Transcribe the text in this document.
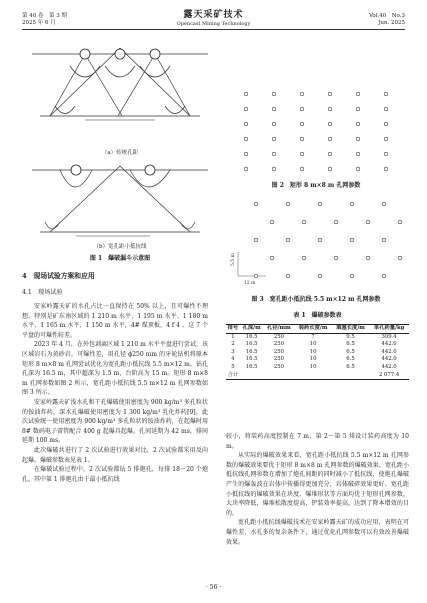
第 40 卷　第 3 期
2025 年 6 月
露天采矿技术
Opencast Mining Technology
Vol.40　No.3
Jun. 2025
（a）传统孔距
（b）宽孔距小抵抗线
图 1　爆破漏斗示意图
4　现场试验方案和应用
4.1　现场试验

安家岭露天矿的水孔占比一直保持在 50% 以上，且可爆性不理想，特别是矿东南区域的 1 210 m 水平、1 195 m 水平、1 180 m 水平、1 165 m 水平、1 150 m 水平，4# 煤顶板，4 f 4 ，这 7 个平盘的可爆性较差。

2023 年 4 月，在外包剥离区域 1 210 m 水平平盘进行尝试，该区域岩石为黄砂岩，可爆性差，用孔径 ϕ250 mm 的牙轮钻机将原本矩形 8 m×8 m 孔网尝试优化为宽孔距小抵抗线 5.5 m×12 m。钻孔孔深为 16.5 m，其中超深为 1.5 m，台阶高为 15 m。矩形 8 m×8 m 孔网参数如图 2 所示，宽孔距小抵抗线 5.5 m×12 m 孔网参数如图 3 所示。

安家岭露天矿浅水孔和干孔爆破使用密度为 900 kg/m³ 多孔粒状的铵油炸药，深水孔爆破使用密度为 1 300 kg/m³ 乳化炸药[9]。此次试验统一使用密度为 900 kg/m³ 多孔粒状的铵油炸药，在起爆时用 8# 数码电子雷管配合 400 g 起爆具起爆。孔间延期为 42 ms，排间延期 100 ms。

此次爆破共进行了 2 次试验进行效果对比，2 次试验都采用反向起爆。爆破参数表见表 1。

在爆破试验过程中，2 次试验都钻 5 排炮孔，每排 18～20 个炮孔。其中第 1 排炮孔由于最小抵抗线

图 2　矩形 8 m×8 m 孔网参数
5.5 m
12 m
图 3　宽孔距小抵抗线 5.5 m×12 m 孔网参数
表 1　爆破参数表
排号	孔深/m	孔径/mm	装药长度/m	填塞长度/m	单孔药量/kg
1	16.5	250	7	9.5	309.4
2	16.5	250	10	6.5	442.0
3	16.5	250	10	6.5	442.0
4	16.5	250	10	6.5	442.0
5	16.5	250	10	6.5	442.0
合计					2 077.4

较小，将装药高度控制在 7 m，第 2～第 5 排设计装药高度为 10 m。

从实际的爆破效果来看，宽孔距小抵抗线 5.5 m×12 m 孔网参数的爆破效果要优于矩形 8 m×8 m 孔网参数的爆破效果。宽孔距小抵抗线孔网参数在增加了炮孔间距的同时减小了抵抗线，使炮孔爆破产生的爆轰波在岩体中传播得更加充分，岩体破碎效果更好。宽孔距小抵抗线的爆破效果在块度、爆堆形状等方面均优于矩形孔网参数，大块率降低，爆堆松散度提高，铲装效率提高，达到了降本增效的目的。

宽孔距小抵抗线爆破技术在安家岭露天矿的成功应用，表明在可爆性差、水孔多的复杂条件下，通过优化孔网参数可以有效改善爆破效果。

· 56 ·
